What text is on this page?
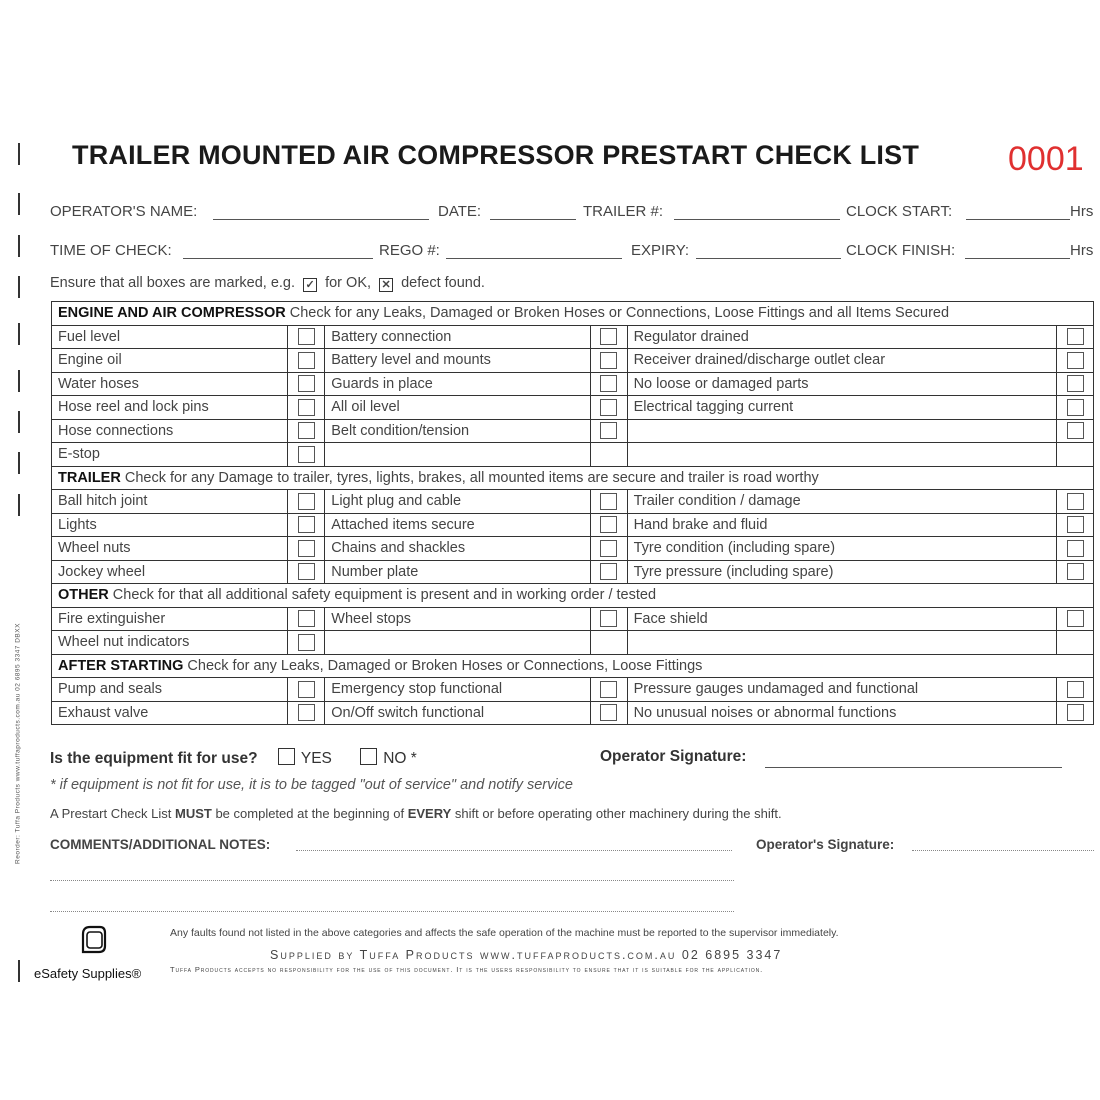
TRAILER MOUNTED AIR COMPRESSOR PRESTART CHECK LIST	0001
OPERATOR'S NAME:	DATE:	TRAILER #:	CLOCK START:	Hrs
TIME OF CHECK:	REGO #:	EXPIRY:	CLOCK FINISH:	Hrs
Ensure that all boxes are marked, e.g. ✓ for OK, ✕ defect found.
ENGINE AND AIR COMPRESSOR Check for any Leaks, Damaged or Broken Hoses or Connections, Loose Fittings and all Items Secured					
Fuel level		Battery connection		Regulator drained	
Engine oil		Battery level and mounts		Receiver drained/discharge outlet clear	
Water hoses		Guards in place		No loose or damaged parts	
Hose reel and lock pins		All oil level		Electrical tagging current	
Hose connections		Belt condition/tension			
E-stop					
TRAILER Check for any Damage to trailer, tyres, lights, brakes, all mounted items are secure and trailer is road worthy					
Ball hitch joint		Light plug and cable		Trailer condition / damage	
Lights		Attached items secure		Hand brake and fluid	
Wheel nuts		Chains and shackles		Tyre condition (including spare)	
Jockey wheel		Number plate		Tyre pressure (including spare)	
OTHER Check for that all additional safety equipment is present and in working order / tested					
Fire extinguisher		Wheel stops		Face shield	
Wheel nut indicators					
AFTER STARTING Check for any Leaks, Damaged or Broken Hoses or Connections, Loose Fittings					
Pump and seals		Emergency stop functional		Pressure gauges undamaged and functional	
Exhaust valve		On/Off switch functional		No unusual noises or abnormal functions	
Is the equipment fit for use?	YES	NO *	Operator Signature:
* if equipment is not fit for use, it is to be tagged "out of service" and notify service
A Prestart Check List MUST be completed at the beginning of EVERY shift or before operating other machinery during the shift.
COMMENTS/ADDITIONAL NOTES:	Operator's Signature:
Any faults found not listed in the above categories and affects the safe operation of the machine must be reported to the supervisor immediately.
Supplied by Tuffa Products www.tuffaproducts.com.au 02 6895 3347
Tuffa Products accepts no responsibility for the use of this document. It is the users responsibility to ensure that it is suitable for the application.
Reorder: Tuffa Products www.tuffaproducts.com.au 02 6895 3347 DBXX
eSafety Supplies®
